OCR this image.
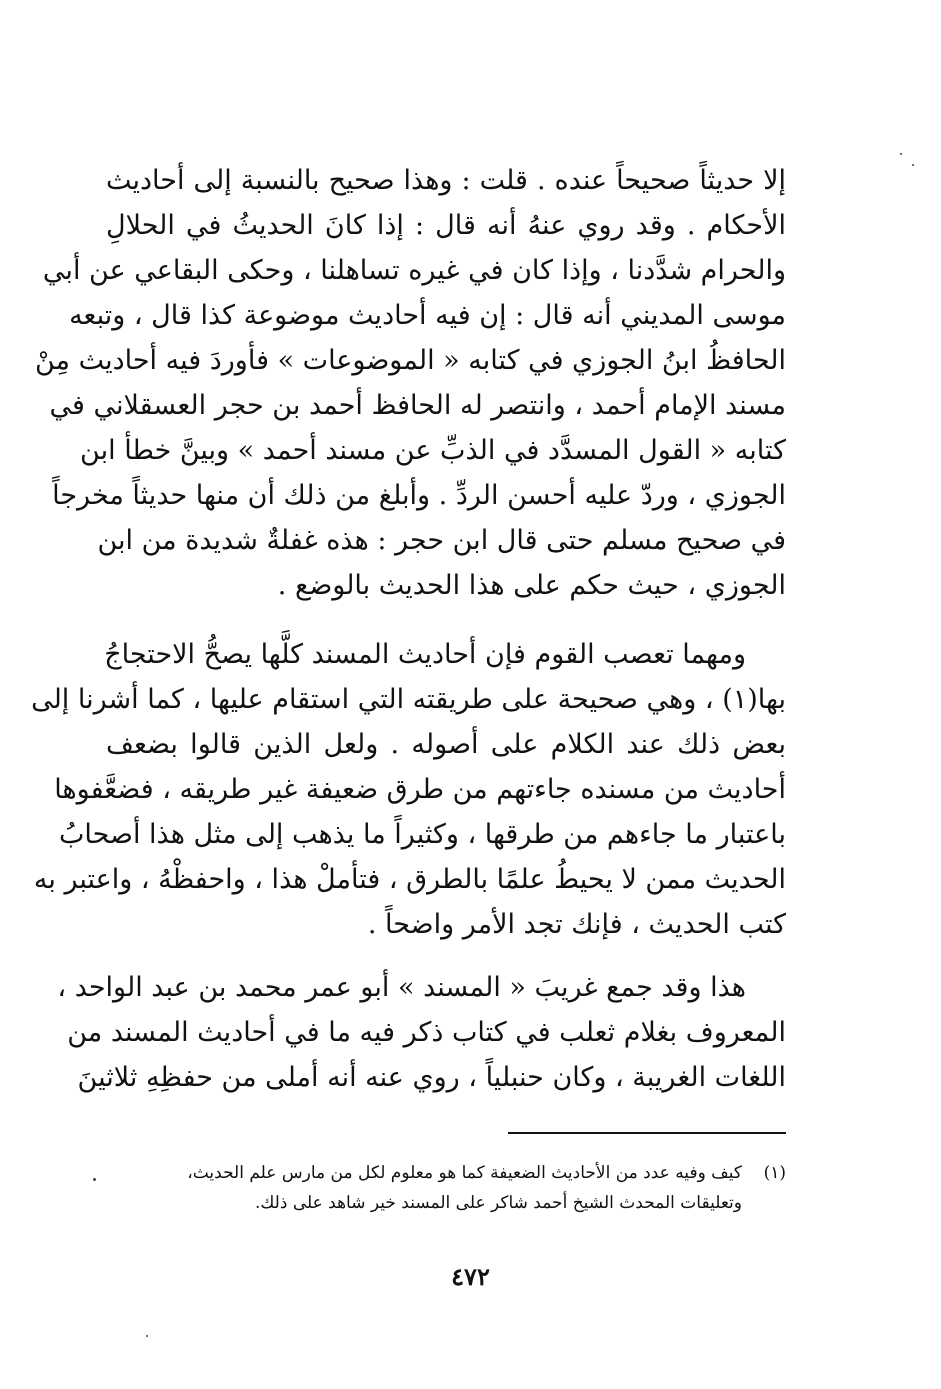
إلا حديثاً صحيحاً عنده . قلت : وهذا صحيح بالنسبة إلى أحاديث
الأحكام . وقد روي عنهُ أنه قال : إذا كانَ الحديثُ في الحلالِ
والحرام شدَّدنا ، وإذا كان في غيره تساهلنا ، وحكى البقاعي عن أبي
موسى المديني أنه قال : إن فيه أحاديث موضوعة كذا قال ، وتبعه
الحافظُ ابنُ الجوزي في كتابه « الموضوعات » فأوردَ فيه أحاديث مِنْ
مسند الإمام أحمد ، وانتصر له الحافظ أحمد بن حجر العسقلاني في
كتابه « القول المسدَّد في الذبِّ عن مسند أحمد » وبينَّ خطأ ابن
الجوزي ، وردّ عليه أحسن الردِّ . وأبلغ من ذلك أن منها حديثاً مخرجاً
في صحيح مسلم حتى قال ابن حجر : هذه غفلةٌ شديدة من ابن
الجوزي ، حيث حكم على هذا الحديث بالوضع .
ومهما تعصب القوم فإن أحاديث المسند كلَّها يصحُّ الاحتجاجُ
بها(١) ، وهي صحيحة على طريقته التي استقام عليها ، كما أشرنا إلى
بعض ذلك عند الكلام على أصوله . ولعل الذين قالوا بضعف
أحاديث من مسنده جاءتهم من طرق ضعيفة غير طريقه ، فضعَّفوها
باعتبار ما جاءهم من طرقها ، وكثيراً ما يذهب إلى مثل هذا أصحابُ
الحديث ممن لا يحيطُ علمًا بالطرق ، فتأملْ هذا ، واحفظْهُ ، واعتبر به
كتب الحديث ، فإنك تجد الأمر واضحاً .
هذا وقد جمع غريبَ « المسند » أبو عمر محمد بن عبد الواحد ،
المعروف بغلام ثعلب في كتاب ذكر فيه ما في أحاديث المسند من
اللغات الغريبة ، وكان حنبلياً ، روي عنه أنه أملى من حفظِهِ ثلاثينَ
(١)كيف وفيه عدد من الأحاديث الضعيفة كما هو معلوم لكل من مارس علم الحديث،
وتعليقات المحدث الشيخ أحمد شاكر على المسند خير شاهد على ذلك.
٤٧٢
